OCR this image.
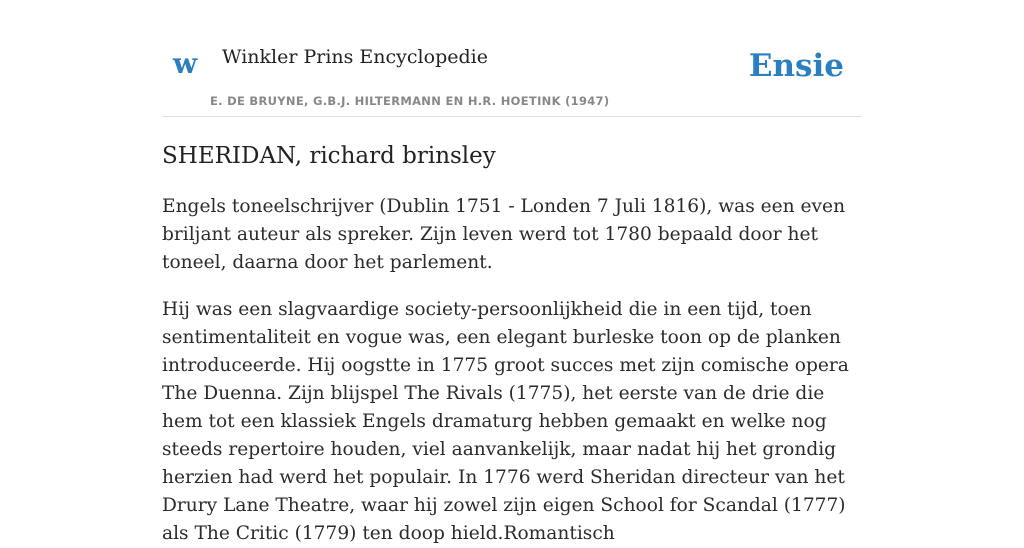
w Winkler Prins Encyclopedie
E. DE BRUYNE, G.B.J. HILTERMANN EN H.R. HOETINK (1947)
Ensie
SHERIDAN, richard brinsley

Engels toneelschrijver (Dublin 1751 - Londen 7 Juli 1816), was een even briljant auteur als spreker. Zijn leven werd tot 1780 bepaald door het toneel, daarna door het parlement.

Hij was een slagvaardige society-persoonlijkheid die in een tijd, toen sentimentaliteit en vogue was, een elegant burleske toon op de planken introduceerde. Hij oogstte in 1775 groot succes met zijn comische opera The Duenna. Zijn blijspel The Rivals (1775), het eerste van de drie die hem tot een klassiek Engels dramaturg hebben gemaakt en welke nog steeds repertoire houden, viel aanvankelijk, maar nadat hij het grondig herzien had werd het populair. In 1776 werd Sheridan directeur van het Drury Lane Theatre, waar hij zowel zijn eigen School for Scandal (1777) als The Critic (1779) ten doop hield.Romantisch
